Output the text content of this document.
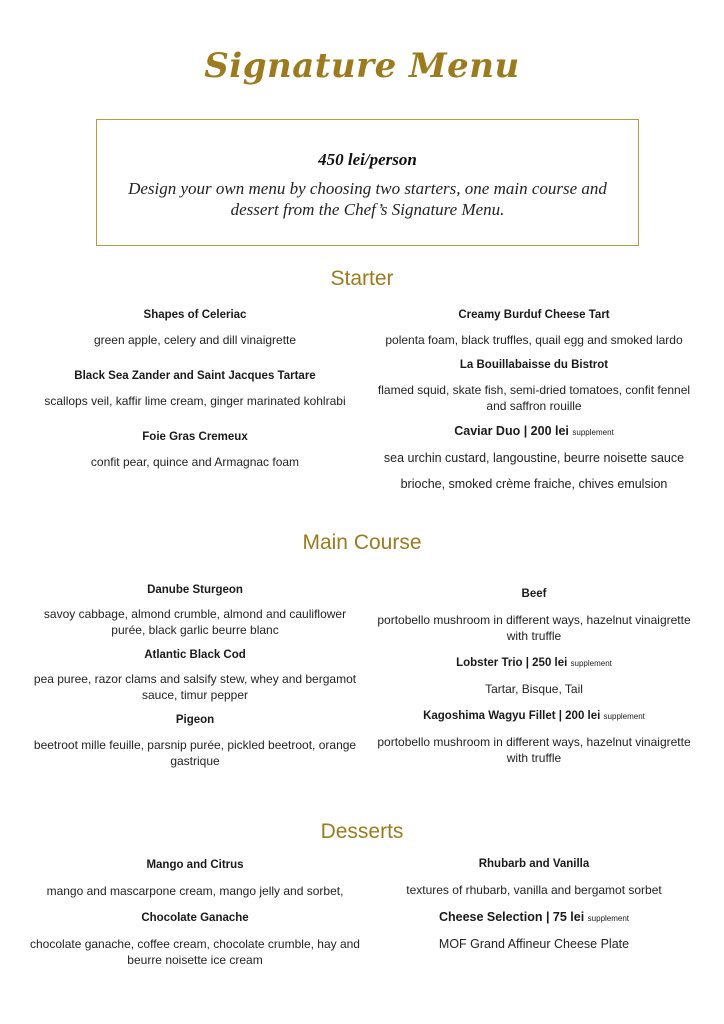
Signature Menu
450 lei/person
Design your own menu by choosing two starters, one main course and dessert from the Chef’s Signature Menu.
Starter
Shapes of Celeriac
green apple, celery and dill vinaigrette
Black Sea Zander and Saint Jacques Tartare
scallops veil, kaffir lime cream, ginger marinated kohlrabi
Foie Gras Cremeux
confit pear, quince and Armagnac foam
Creamy Burduf Cheese Tart
polenta foam, black truffles, quail egg and smoked lardo
La Bouillabaisse du Bistrot
flamed squid, skate fish, semi-dried tomatoes, confit fennel and saffron rouille
Caviar Duo | 200 lei supplement
sea urchin custard, langoustine, beurre noisette sauce
brioche, smoked crème fraiche, chives emulsion
Main Course
Danube Sturgeon
savoy cabbage, almond crumble, almond and cauliflower purée, black garlic beurre blanc
Atlantic Black Cod
pea puree, razor clams and salsify stew, whey and bergamot sauce, timur pepper
Pigeon
beetroot mille feuille, parsnip purée, pickled beetroot, orange gastrique
Beef
portobello mushroom in different ways, hazelnut vinaigrette with truffle
Lobster Trio | 250 lei supplement
Tartar, Bisque, Tail
Kagoshima Wagyu Fillet | 200 lei supplement
portobello mushroom in different ways, hazelnut vinaigrette with truffle
Desserts
Mango and Citrus
mango and mascarpone cream, mango jelly and sorbet,
Chocolate Ganache
chocolate ganache, coffee cream, chocolate crumble, hay and beurre noisette ice cream
Rhubarb and Vanilla
textures of rhubarb, vanilla and bergamot sorbet
Cheese Selection | 75 lei supplement
MOF Grand Affineur Cheese Plate
